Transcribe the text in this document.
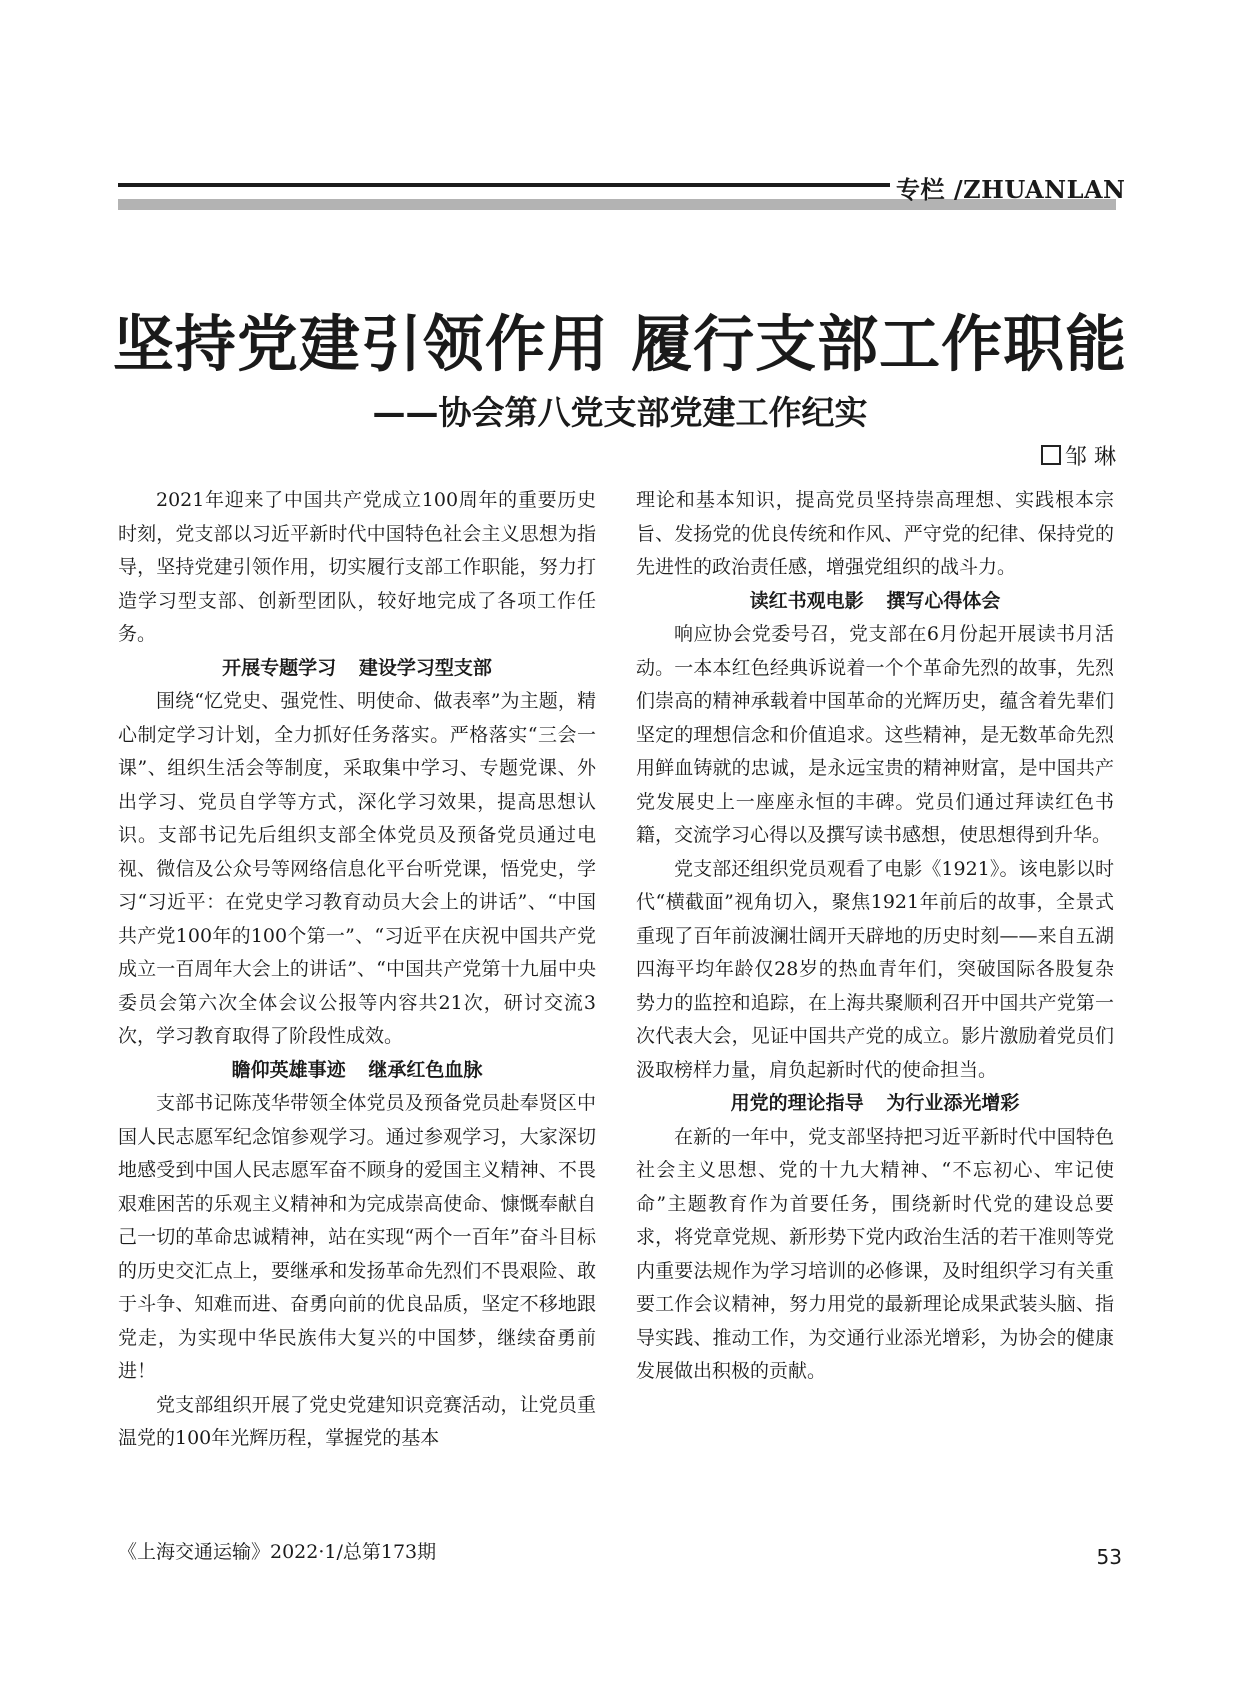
专栏 /ZHUANLAN
坚持党建引领作用 履行支部工作职能
——协会第八党支部党建工作纪实
邹 琳

2021年迎来了中国共产党成立100周年的重要历史时刻，党支部以习近平新时代中国特色社会主义思想为指导，坚持党建引领作用，切实履行支部工作职能，努力打造学习型支部、创新型团队，较好地完成了各项工作任务。

开展专题学习 建设学习型支部

围绕“忆党史、强党性、明使命、做表率”为主题，精心制定学习计划，全力抓好任务落实。严格落实“三会一课”、组织生活会等制度，采取集中学习、专题党课、外出学习、党员自学等方式，深化学习效果，提高思想认识。支部书记先后组织支部全体党员及预备党员通过电视、微信及公众号等网络信息化平台听党课，悟党史，学习“习近平：在党史学习教育动员大会上的讲话”、“中国共产党100年的100个第一”、“习近平在庆祝中国共产党成立一百周年大会上的讲话”、“中国共产党第十九届中央委员会第六次全体会议公报等内容共21次，研讨交流3次，学习教育取得了阶段性成效。

瞻仰英雄事迹 继承红色血脉

支部书记陈茂华带领全体党员及预备党员赴奉贤区中国人民志愿军纪念馆参观学习。通过参观学习，大家深切地感受到中国人民志愿军奋不顾身的爱国主义精神、不畏艰难困苦的乐观主义精神和为完成崇高使命、慷慨奉献自己一切的革命忠诚精神，站在实现“两个一百年”奋斗目标的历史交汇点上，要继承和发扬革命先烈们不畏艰险、敢于斗争、知难而进、奋勇向前的优良品质，坚定不移地跟党走，为实现中华民族伟大复兴的中国梦，继续奋勇前进！

党支部组织开展了党史党建知识竞赛活动，让党员重温党的100年光辉历程，掌握党的基本

理论和基本知识，提高党员坚持崇高理想、实践根本宗旨、发扬党的优良传统和作风、严守党的纪律、保持党的先进性的政治责任感，增强党组织的战斗力。

读红书观电影 撰写心得体会

响应协会党委号召，党支部在6月份起开展读书月活动。一本本红色经典诉说着一个个革命先烈的故事，先烈们崇高的精神承载着中国革命的光辉历史，蕴含着先辈们坚定的理想信念和价值追求。这些精神，是无数革命先烈用鲜血铸就的忠诚，是永远宝贵的精神财富，是中国共产党发展史上一座座永恒的丰碑。党员们通过拜读红色书籍，交流学习心得以及撰写读书感想，使思想得到升华。

党支部还组织党员观看了电影《1921》。该电影以时代“横截面”视角切入，聚焦1921年前后的故事，全景式重现了百年前波澜壮阔开天辟地的历史时刻——来自五湖四海平均年龄仅28岁的热血青年们，突破国际各股复杂势力的监控和追踪，在上海共聚顺利召开中国共产党第一次代表大会，见证中国共产党的成立。影片激励着党员们汲取榜样力量，肩负起新时代的使命担当。

用党的理论指导 为行业添光增彩

在新的一年中，党支部坚持把习近平新时代中国特色社会主义思想、党的十九大精神、“不忘初心、牢记使命”主题教育作为首要任务，围绕新时代党的建设总要求，将党章党规、新形势下党内政治生活的若干准则等党内重要法规作为学习培训的必修课，及时组织学习有关重要工作会议精神，努力用党的最新理论成果武装头脑、指导实践、推动工作，为交通行业添光增彩，为协会的健康发展做出积极的贡献。

《上海交通运输》2022·1/总第173期	53
